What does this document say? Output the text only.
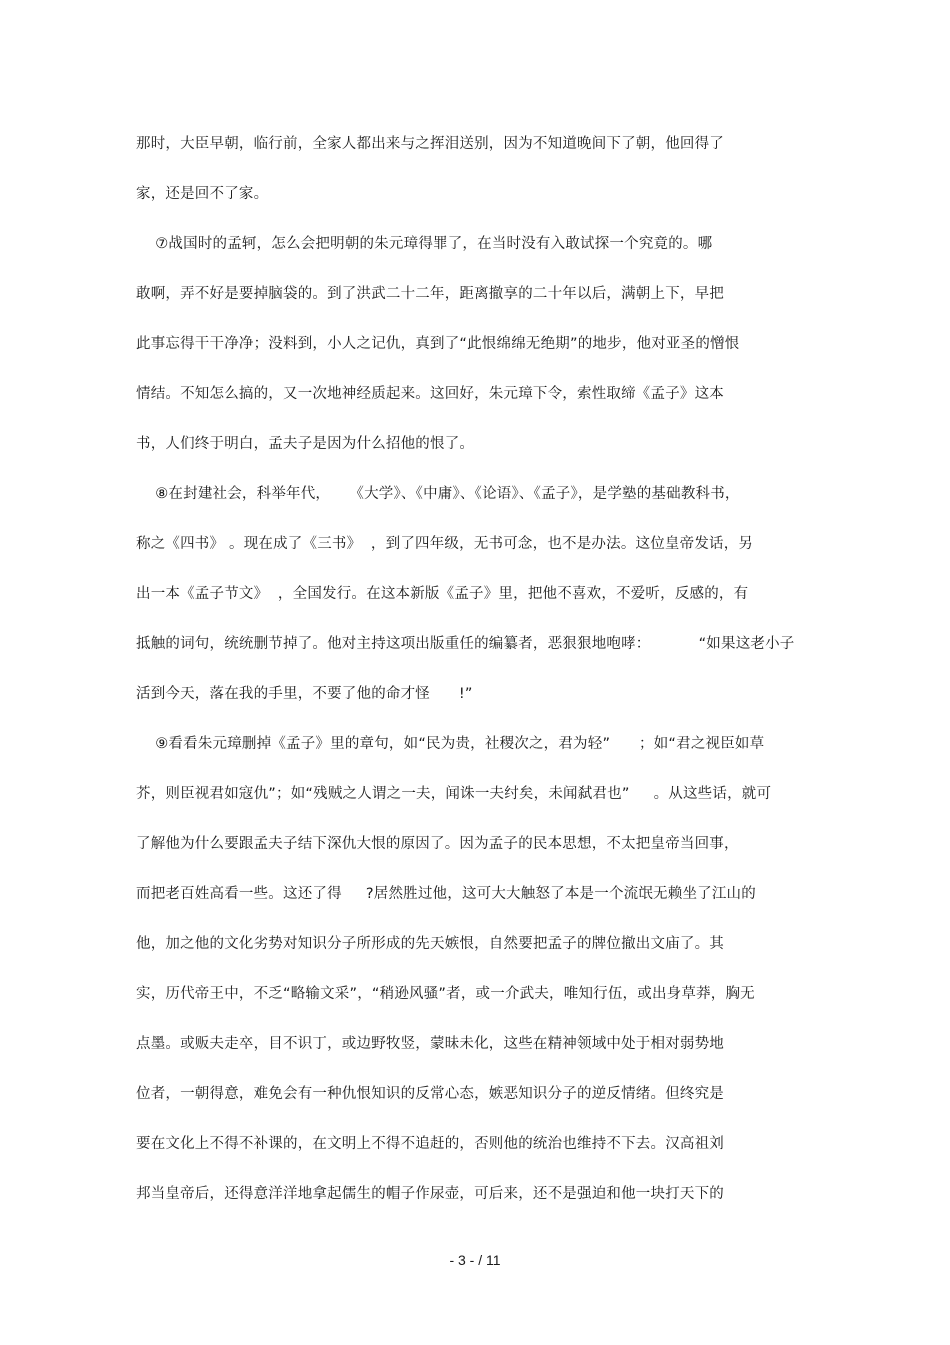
那时，大臣早朝，临行前，全家人都出来与之挥泪送别，因为不知道晚间下了朝，他回得了
家，还是回不了家。
⑦战国时的孟轲，怎么会把明朝的朱元璋得罪了，在当时没有入敢试探一个究竟的。哪
敢啊，弄不好是要掉脑袋的。到了洪武二十二年，距离撤享的二十年以后，满朝上下，早把
此事忘得干干净净；没料到，小人之记仇，真到了“此恨绵绵无绝期”的地步，他对亚圣的憎恨
情结。不知怎么搞的，又一次地神经质起来。这回好，朱元璋下令，索性取缔《孟子》这本
书，人们终于明白，孟夫子是因为什么招他的恨了。
⑧在封建社会，科举年代，    《大学》、《中庸》、《论语》、《孟子》，是学塾的基础教科书，
称之《四书》 。现在成了《三书》  ，到了四年级，无书可念，也不是办法。这位皇帝发话，另
出一本《孟子节文》  ，全国发行。在这本新版《孟子》里，把他不喜欢，不爱听，反感的，有
抵触的词句，统统删节掉了。他对主持这项出版重任的编纂者，恶狠狠地咆哮：          “如果这老小子
活到今天，落在我的手里，不要了他的命才怪      !”
⑨看看朱元璋删掉《孟子》里的章句，如“民为贵，社稷次之，君为轻”      ；如“君之视臣如草
芥，则臣视君如寇仇”；如“残贼之人谓之一夫，闻诛一夫纣矣，未闻弑君也”     。从这些话，就可
了解他为什么要跟孟夫子结下深仇大恨的原因了。因为孟子的民本思想，不太把皇帝当回事，
而把老百姓高看一些。这还了得     ?居然胜过他，这可大大触怒了本是一个流氓无赖坐了江山的
他，加之他的文化劣势对知识分子所形成的先天嫉恨，自然要把孟子的牌位撤出文庙了。其
实，历代帝王中，不乏“略输文采”，“稍逊风骚”者，或一介武夫，唯知行伍，或出身草莽，胸无
点墨。或贩夫走卒，目不识丁，或边野牧竖，蒙昧未化，这些在精神领域中处于相对弱势地
位者，一朝得意，难免会有一种仇恨知识的反常心态，嫉恶知识分子的逆反情绪。但终究是
要在文化上不得不补课的，在文明上不得不追赶的，否则他的统治也维持不下去。汉高祖刘
邦当皇帝后，还得意洋洋地拿起儒生的帽子作尿壶，可后来，还不是强迫和他一块打天下的
- 3 - / 11
